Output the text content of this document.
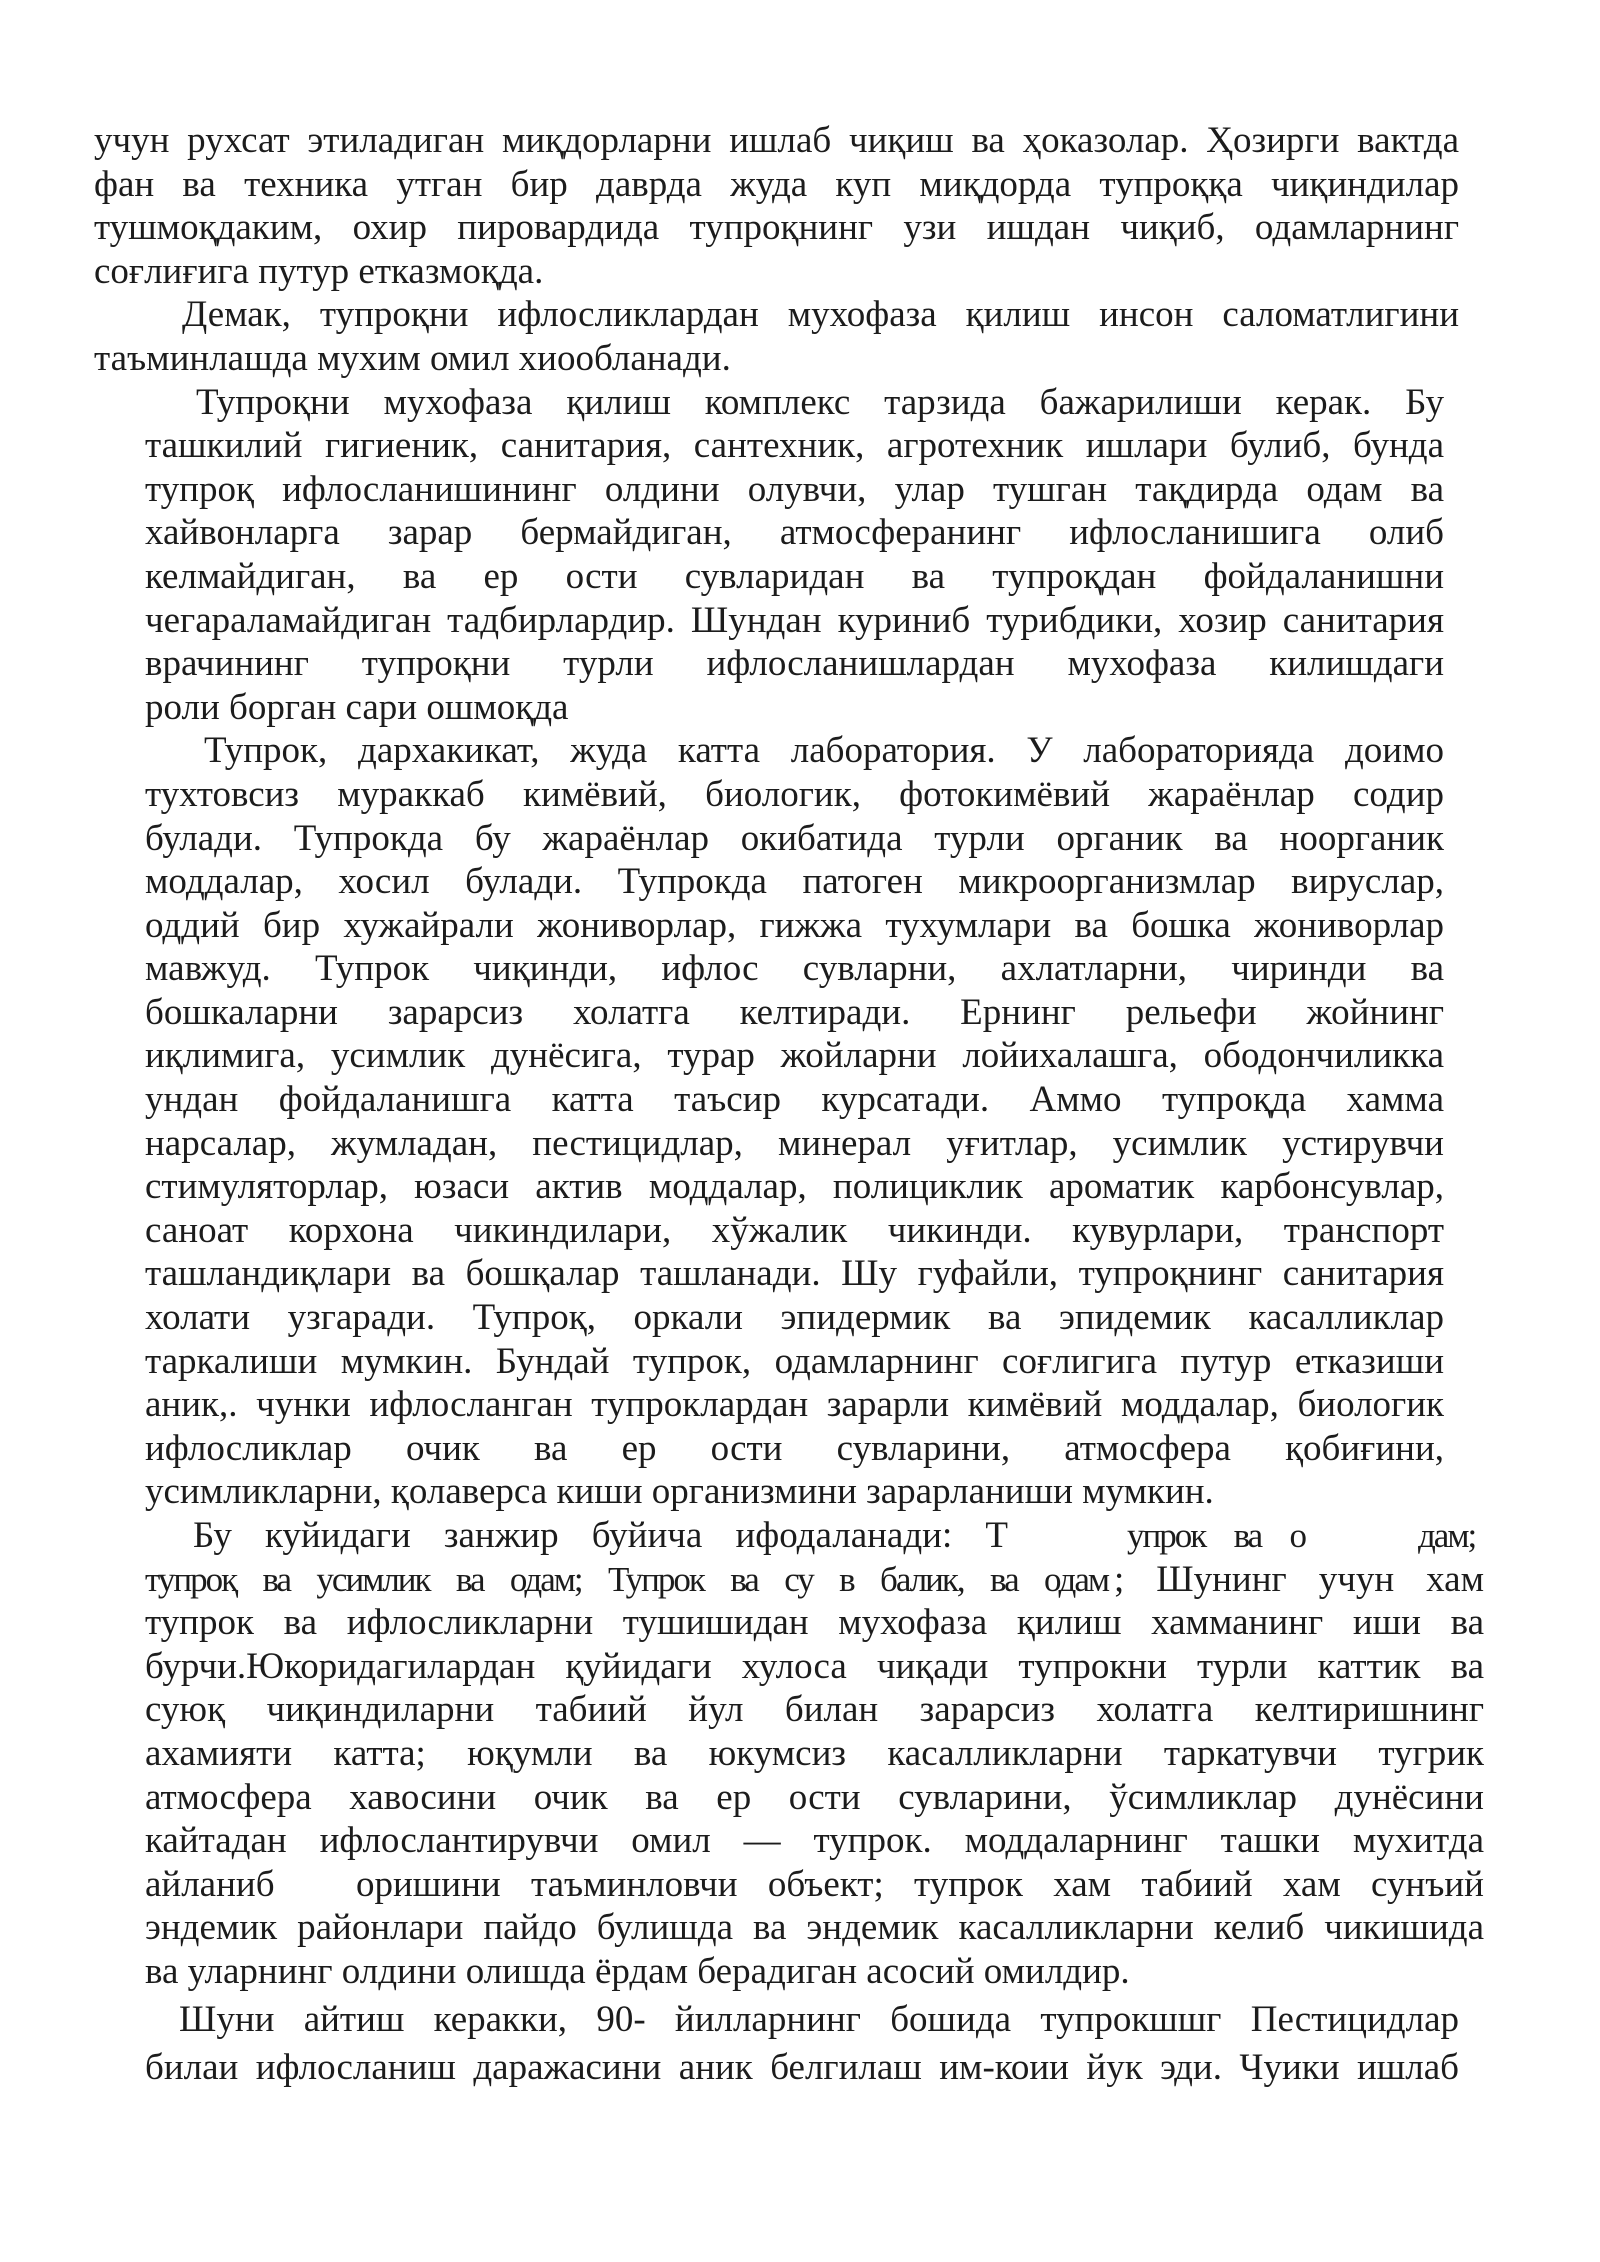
учун рухсат этиладиган миқдорларни ишлаб чиқиш ва ҳоказолар. Ҳозирги вактда
фан ва техника утган бир даврда жуда куп миқдорда тупроққа чиқиндилар
тушмоқдаким, охир пировардида тупроқнинг узи ишдан чиқиб, одамларнинг
соғлиғига путур етказмоқда.
Демак, тупроқни ифлосликлардан мухофаза қилиш инсон саломатлигини
таъминлашда мухим омил хиообланади.
Тупроқни мухофаза қилиш комплекс тарзида бажарилиши керак. Бу
ташкилий гигиеник, санитария, сантехник, агротехник ишлари булиб, бунда
тупроқ ифлосланишининг олдини олувчи, улар тушган тақдирда одам ва
хайвонларга зарар бермайдиган, атмосферанинг ифлосланишига олиб
келмайдиган, ва ер ости сувларидан ва тупроқдан фойдаланишни
чегараламайдиган тадбирлардир. Шундан куриниб турибдики, хозир санитария
врачининг тупроқни турли ифлосланишлардан мухофаза килишдаги
роли борган сари ошмоқда
Тупрок, дархакикат, жуда катта лаборатория. У лабораторияда доимо
тухтовсиз мураккаб кимёвий, биологик, фотокимёвий жараёнлар содир
булади. Тупрокда бу жараёнлар окибатида турли органик ва ноорганик
моддалар, хосил булади. Тупрокда патоген микроорганизмлар вируслар,
оддий бир хужайрали жониворлар, гижжа тухумлари ва бошка жониворлар
мавжуд. Тупрок чиқинди, ифлос сувларни, ахлатларни, чиринди ва
бошкаларни зарарсиз холатга келтиради. Ернинг рельефи жойнинг
иқлимига, усимлик дунёсига, турар жойларни лойихалашга, ободончиликка
ундан фойдаланишга катта таъсир курсатади. Аммо тупроқда хамма
нарсалар, жумладан, пестицидлар, минерал уғитлар, усимлик устирувчи
стимуляторлар, юзаси актив моддалар, полициклик ароматик карбонсувлар,
саноат корхона чикиндилари, хўжалик чикинди. кувурлари, транспорт
ташландиқлари ва бошқалар ташланади. Шу гуфайли, тупроқнинг санитария
холати узгаради. Тупроқ, оркали эпидермик ва эпидемик касалликлар
таркалиши мумкин. Бундай тупрок, одамларнинг соғлигига путур етказиши
аник,. чунки ифлосланган тупроклардан зарарли кимёвий моддалар, биологик
ифлосликлар очик ва ер ости сувларини, атмосфера қобиғини,
усимликларни, қолаверса киши организмини зарарланиши мумкин.
Бу куйидаги занжир буйича ифодаланади: Т	упрок ва о	дам;
тупроқ ва усимлик ва одам; Тупрок ва су в балик, ва одам ; Шунинг учун хам
тупрок ва ифлосликларни тушишидан мухофаза қилиш хамманинг иши ва
бурчи.Юкоридагилардан қуйидаги хулоса чиқади тупрокни турли каттик ва
суюқ чиқиндиларни табиий йул билан зарарсиз холатга келтиришнинг
ахамияти катта; юқумли ва юкумсиз касалликларни таркатувчи тугрик
атмосфера хавосини очик ва ер ости сувларини, ўсимликлар дунёсини
кайтадан ифлослантирувчи омил — тупрок. моддаларнинг ташки мухитда
айланиб оришини таъминловчи объект; тупрок хам табиий хам сунъий
эндемик районлари пайдо булишда ва эндемик касалликларни келиб чикишида
ва уларнинг олдини олишда ёрдам берадиган асосий омилдир.
Шуни айтиш керакки, 90- йилларнинг бошида тупрокшшг Пестицидлар
билаи ифлосланиш даражасини аник белгилаш им-коии йук эди. Чуики ишлаб
